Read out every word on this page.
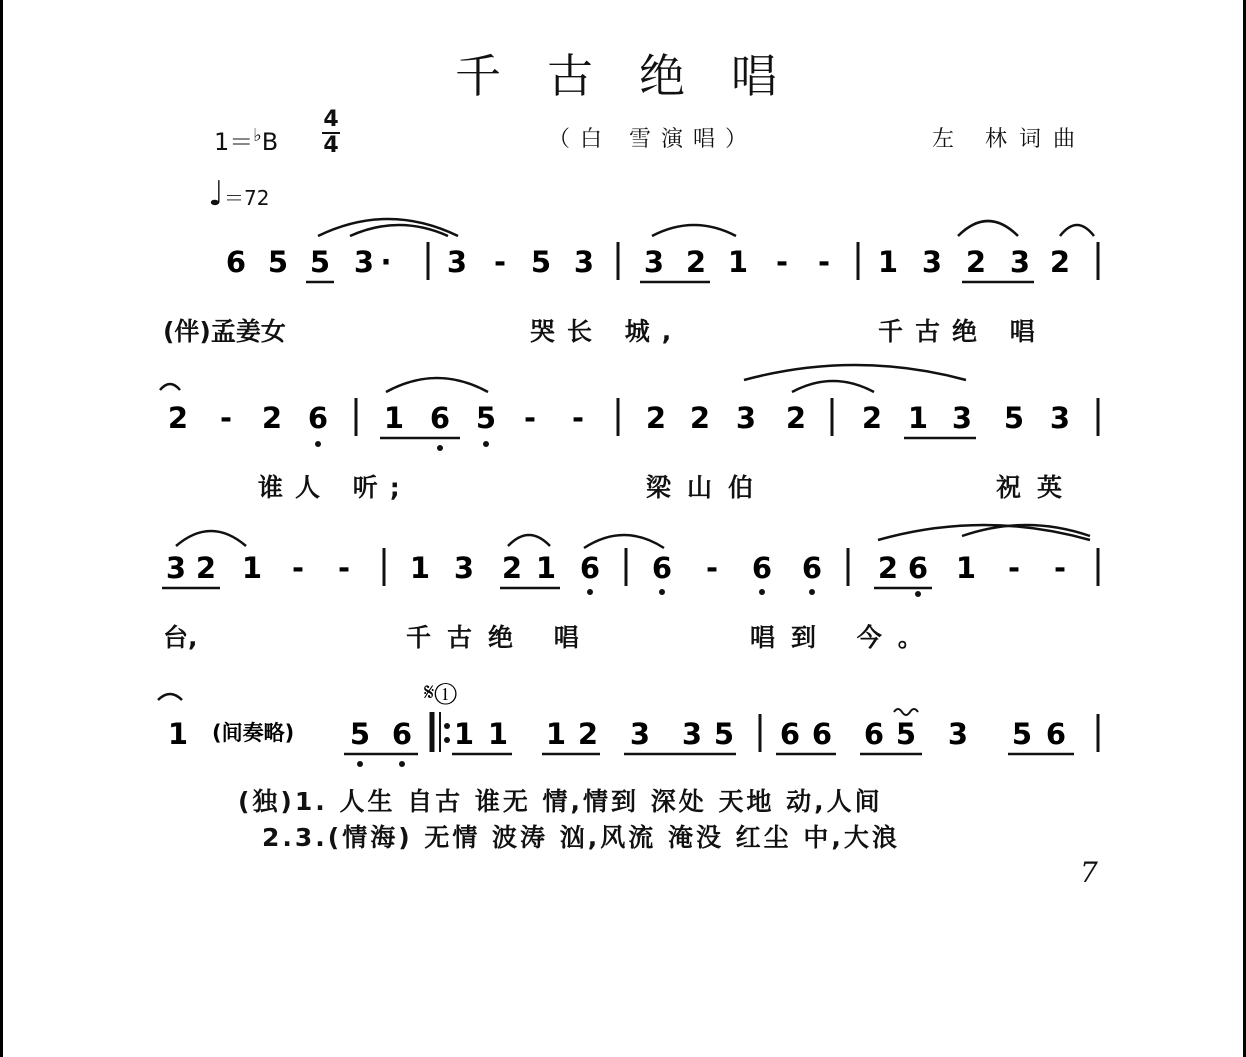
千古绝唱
1＝♭B
4
4
♩＝72
（白 雪演唱）	左 林词曲
6 5 5 3 · 3 - 5 3 3 2 1 - - 1 3 2 3 2
2 - 2 6 1 6 5 - - 2 2 3 2 2 1 3 5 3
3 2 1 - - 1 3 2 1 6 6 - 6 6 2 6 1 - -
1 (间奏略) 5 6 1 1 1 2 3 3 5 6 6 6 5 3 5 6
𝄋①
(伴)孟姜女	哭长 城,	千古绝 唱
谁人 听;	梁山伯	祝英
台,	千古绝 唱	唱到 今。
(独)1. 人生 自古 谁无 情,情到 深处 天地 动,人间
2.3.(情海) 无情 波涛 汹,风流 淹没 红尘 中,大浪
7
